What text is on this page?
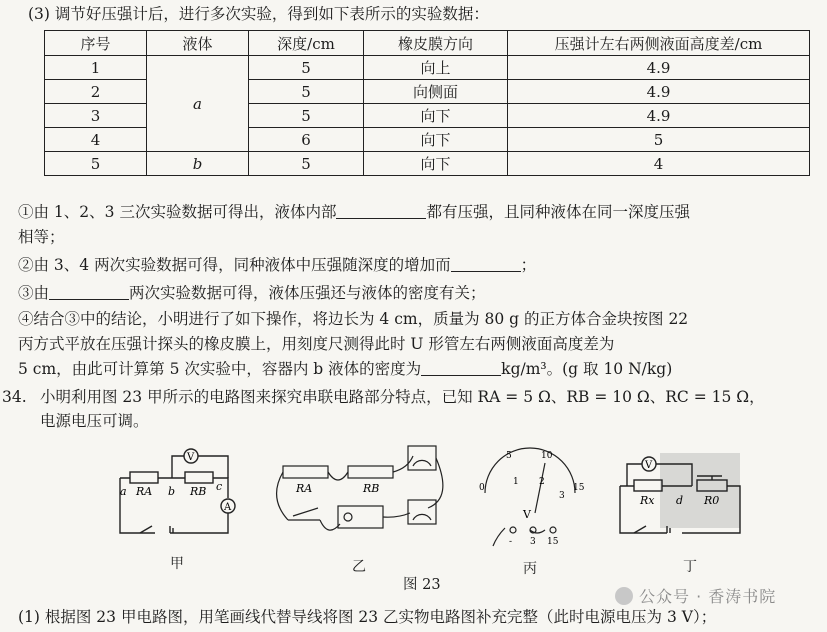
(3) 调节好压强计后，进行多次实验，得到如下表所示的实验数据：
序号	液体	深度/cm	橡皮膜方向	压强计左右两侧液面高度差/cm
1	a	5	向上	4.9
2		5	向侧面	4.9
3		5	向下	4.9
4		6	向下	5
5	b	5	向下	4
①由 1、2、3 三次实验数据可得出，液体内部	都有压强，且同种液体在同一深度压强
相等；
②由 3、4 两次实验数据可得，同种液体中压强随深度的增加而	；
③由	两次实验数据可得，液体压强还与液体的密度有关；
④结合③中的结论，小明进行了如下操作，将边长为 4 cm，质量为 80 g 的正方体合金块按图 22
丙方式平放在压强计探头的橡皮膜上，用刻度尺测得此时 U 形管左右两侧液面高度差为
5 cm，由此可计算第 5 次实验中，容器内 b 液体的密度为	kg/m³。(g 取 10 N/kg)
34. 小明利用图 23 甲所示的电路图来探究串联电路部分特点，已知 RA = 5 Ω、RB = 10 Ω、RC = 15 Ω，
电源电压可调。
V
A
a RA b RB c
甲
RA	RB
乙
0
5	10
15
1 2
3
V
- 3 15
丙
V
Rx d R0
丁
图 23
公众号 · 香涛书院
(1) 根据图 23 甲电路图，用笔画线代替导线将图 23 乙实物电路图补充完整（此时电源电压为 3 V）；
